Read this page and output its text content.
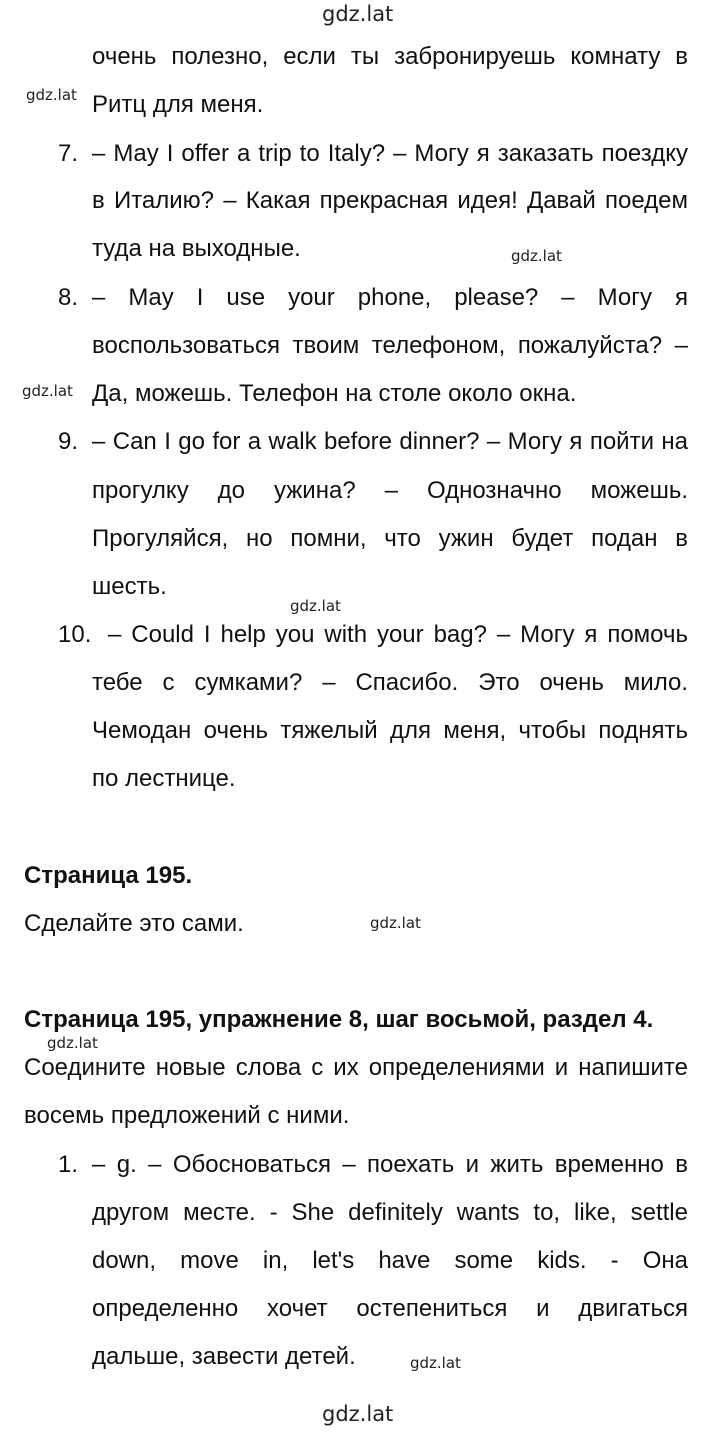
gdz.lat
gdz.lat
gdz.lat
gdz.lat
gdz.lat
gdz.lat
gdz.lat
gdz.lat
gdz.lat
очень полезно, если ты забронируешь комнату в
Ритц для меня.
7. – May I offer a trip to Italy? – Могу я заказать поездку
в Италию? – Какая прекрасная идея! Давай поедем
туда на выходные.
8. – May I use your phone, please? – Могу я
воспользоваться твоим телефоном, пожалуйста? –
Да, можешь. Телефон на столе около окна.
9. – Can I go for a walk before dinner? – Могу я пойти на
прогулку до ужина? – Однозначно можешь.
Прогуляйся, но помни, что ужин будет подан в
шесть.
10. – Could I help you with your bag? – Могу я помочь
тебе с сумками? – Спасибо. Это очень мило.
Чемодан очень тяжелый для меня, чтобы поднять
по лестнице.
Страница 195.
Сделайте это сами.
Страница 195, упражнение 8, шаг восьмой, раздел 4.
Соедините новые слова с их определениями и напишите
восемь предложений с ними.
1. – g. – Обосноваться – поехать и жить временно в
другом месте. - She definitely wants to, like, settle
down, move in, let's have some kids. - Она
определенно хочет остепениться и двигаться
дальше, завести детей.
